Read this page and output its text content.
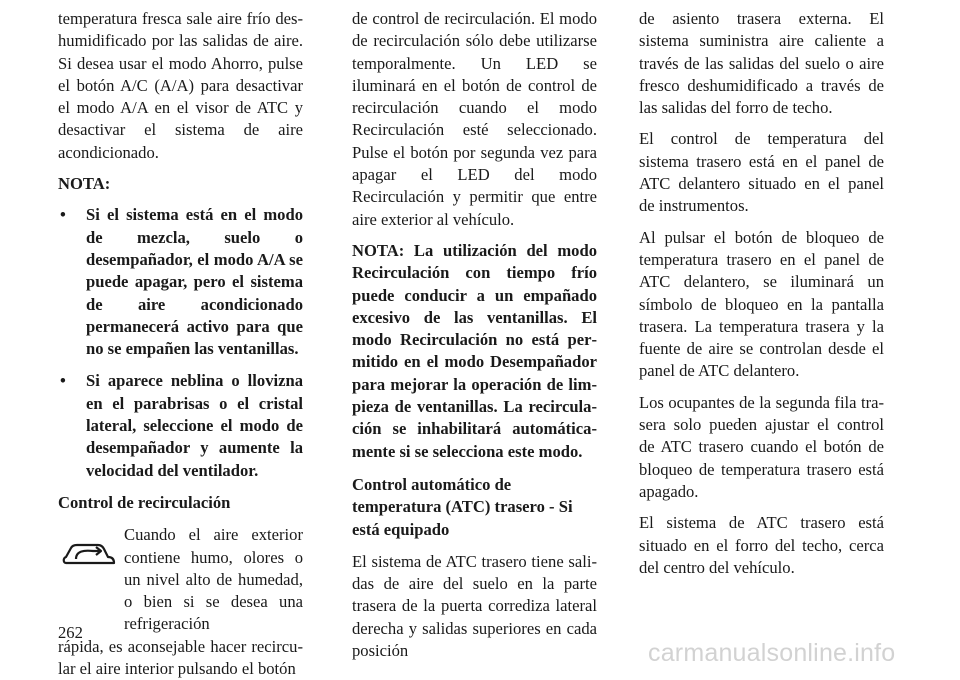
temperatura fresca sale aire frío deshumidificado por las salidas de aire. Si desea usar el modo Ahorro, pulse el botón A/C (A/A) para desactivar el modo A/A en el visor de ATC y desactivar el sistema de aire acondicionado.

NOTA:

• Si el sistema está en el modo de mezcla, suelo o desempañador, el modo A/A se puede apagar, pero el sistema de aire acondicionado permanecerá activo para que no se empañen las ventanillas.
• Si aparece neblina o llovizna en el parabrisas o el cristal lateral, seleccione el modo de desempañador y aumente la velocidad del ventilador.
Control de recirculación
Cuando el aire exterior contiene humo, olores o un nivel alto de humedad, o bien si se desea una refrigeración
rápida, es aconsejable hacer recircular el aire interior pulsando el botón

de control de recirculación. El modo de recirculación sólo debe utilizarse temporalmente. Un LED se iluminará en el botón de control de recirculación cuando el modo Recirculación esté seleccionado. Pulse el botón por segunda vez para apagar el LED del modo Recirculación y permitir que entre aire exterior al vehículo.

NOTA: La utilización del modo Recirculación con tiempo frío puede conducir a un empañado excesivo de las ventanillas. El modo Recirculación no está permitido en el modo Desempañador para mejorar la operación de limpieza de ventanillas. La recirculación se inhabilitará automáticamente si se selecciona este modo.

Control automático de temperatura (ATC) trasero - Si está equipado

El sistema de ATC trasero tiene salidas de aire del suelo en la parte trasera de la puerta corrediza lateral derecha y salidas superiores en cada posición

de asiento trasera externa. El sistema suministra aire caliente a través de las salidas del suelo o aire fresco deshumidificado a través de las salidas del forro de techo.

El control de temperatura del sistema trasero está en el panel de ATC delantero situado en el panel de instrumentos.

Al pulsar el botón de bloqueo de temperatura trasero en el panel de ATC delantero, se iluminará un símbolo de bloqueo en la pantalla trasera. La temperatura trasera y la fuente de aire se controlan desde el panel de ATC delantero.

Los ocupantes de la segunda fila trasera solo pueden ajustar el control de ATC trasero cuando el botón de bloqueo de temperatura trasero está apagado.

El sistema de ATC trasero está situado en el forro del techo, cerca del centro del vehículo.

262
carmanualsonline.info
